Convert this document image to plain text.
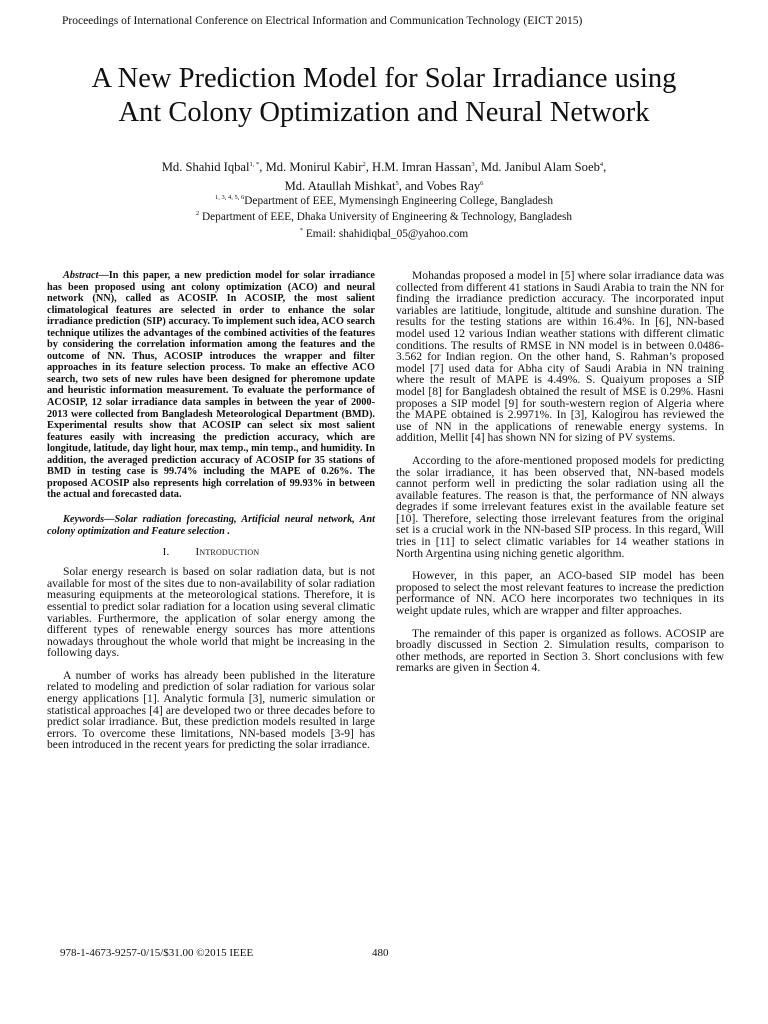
Proceedings of International Conference on Electrical Information and Communication Technology (EICT 2015)
A New Prediction Model for Solar Irradiance using
Ant Colony Optimization and Neural Network
Md. Shahid Iqbal$^{1, *}$, Md. Monirul Kabir$^2$, H.M. Imran Hassan$^3$, Md. Janibul Alam Soeb$^4$,
Md. Ataullah Mishkat$^5$, and Vobes Ray$^6$
$^{1, 3, 4, 5, 6}$Department of EEE, Mymensingh Engineering College, Bangladesh
$^2$ Department of EEE, Dhaka University of Engineering & Technology, Bangladesh
* Email: shahidiqbal_05@yahoo.com

Abstract—In this paper, a new prediction model for solar irradiance has been proposed using ant colony optimization (ACO) and neural network (NN), called as ACOSIP. In ACOSIP, the most salient climatological features are selected in order to enhance the solar irradiance prediction (SIP) accuracy. To implement such idea, ACO search technique utilizes the advantages of the combined activities of the features by considering the correlation information among the features and the outcome of NN. Thus, ACOSIP introduces the wrapper and filter approaches in its feature selection process. To make an effective ACO search, two sets of new rules have been designed for pheromone update and heuristic information measurement. To evaluate the performance of ACOSIP, 12 solar irradiance data samples in between the year of 2000-2013 were collected from Bangladesh Meteorological Department (BMD). Experimental results show that ACOSIP can select six most salient features easily with increasing the prediction accuracy, which are longitude, latitude, day light hour, max temp., min temp., and humidity. In addition, the averaged prediction accuracy of ACOSIP for 35 stations of BMD in testing case is 99.74% including the MAPE of 0.26%. The proposed ACOSIP also represents high correlation of 99.93% in between the actual and forecasted data.

Keywords—Solar radiation forecasting, Artificial neural network, Ant colony optimization and Feature selection .

I. Introduction

Solar energy research is based on solar radiation data, but is not available for most of the sites due to non-availability of solar radiation measuring equipments at the meteorological stations. Therefore, it is essential to predict solar radiation for a location using several climatic variables. Furthermore, the application of solar energy among the different types of renewable energy sources has more attentions nowadays throughout the whole world that might be increasing in the following days.

A number of works has already been published in the literature related to modeling and prediction of solar radiation for various solar energy applications [1]. Analytic formula [3], numeric simulation or statistical approaches [4] are developed two or three decades before to predict solar irradiance. But, these prediction models resulted in large errors. To overcome these limitations, NN-based models [3-9] has been introduced in the recent years for predicting the solar irradiance.

Mohandas proposed a model in [5] where solar irradiance data was collected from different 41 stations in Saudi Arabia to train the NN for finding the irradiance prediction accuracy. The incorporated input variables are latitiude, longitude, altitude and sunshine duration. The results for the testing stations are within 16.4%. In [6], NN-based model used 12 various Indian weather stations with different climatic conditions. The results of RMSE in NN model is in between 0.0486-3.562 for Indian region. On the other hand, S. Rahman’s proposed model [7] used data for Abha city of Saudi Arabia in NN training where the result of MAPE is 4.49%. S. Quaiyum proposes a SIP model [8] for Bangladesh obtained the result of MSE is 0.29%. Hasni proposes a SIP model [9] for south-western region of Algeria where the MAPE obtained is 2.9971%. In [3], Kalogirou has reviewed the use of NN in the applications of renewable energy systems. In addition, Mellit [4] has shown NN for sizing of PV systems.

According to the afore-mentioned proposed models for predicting the solar irradiance, it has been observed that, NN-based models cannot perform well in predicting the solar radiation using all the available features. The reason is that, the performance of NN always degrades if some irrelevant features exist in the available feature set [10]. Therefore, selecting those irrelevant features from the original set is a crucial work in the NN-based SIP process. In this regard, Will tries in [11] to select climatic variables for 14 weather stations in North Argentina using niching genetic algorithm.

However, in this paper, an ACO-based SIP model has been proposed to select the most relevant features to increase the prediction performance of NN. ACO here incorporates two techniques in its weight update rules, which are wrapper and filter approaches.

The remainder of this paper is organized as follows. ACOSIP are broadly discussed in Section 2. Simulation results, comparison to other methods, are reported in Section 3. Short conclusions with few remarks are given in Section 4.

978-1-4673-9257-0/15/$31.00 ©2015 IEEE	480
